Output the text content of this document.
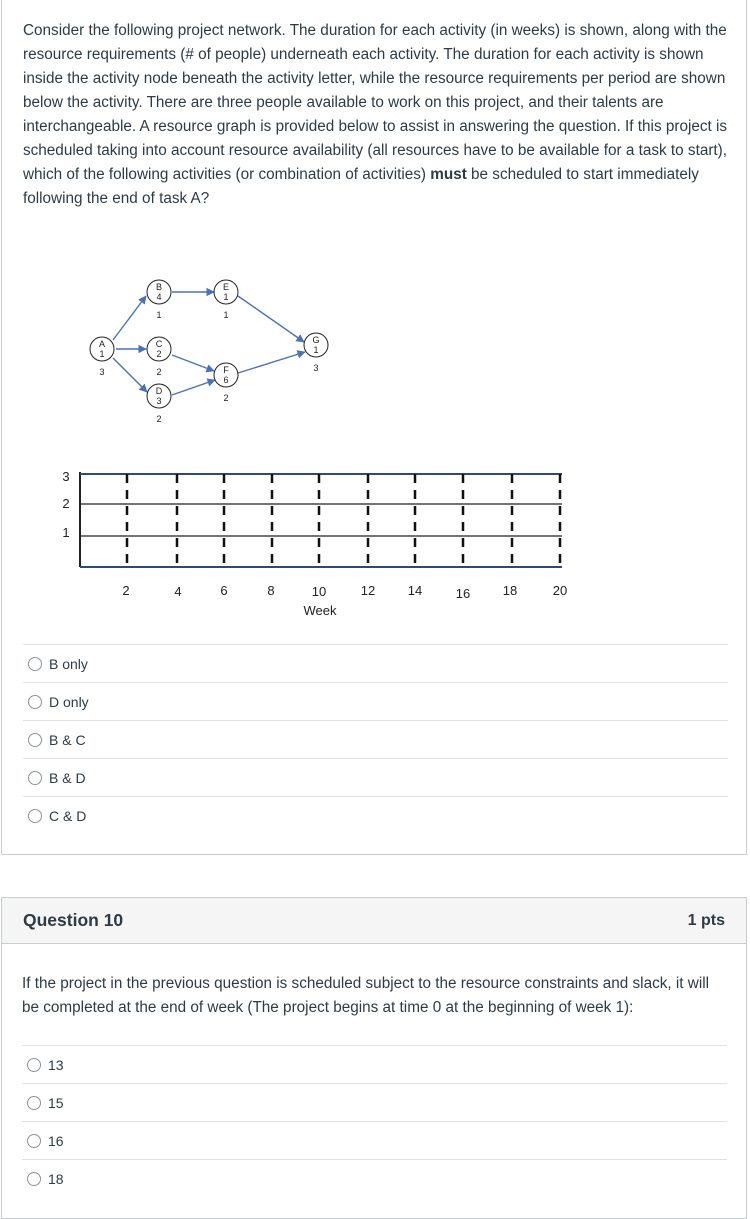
Consider the following project network. The duration for each activity (in weeks) is shown, along with the resource requirements (# of people) underneath each activity. The duration for each activity is shown inside the activity node beneath the activity letter, while the resource requirements per period are shown below the activity. There are three people available to work on this project, and their talents are interchangeable. A resource graph is provided below to assist in answering the question. If this project is scheduled taking into account resource availability (all resources have to be available for a task to start), which of the following activities (or combination of activities) must be scheduled to start immediately following the end of task A?

A
1
3
B
4
1
C
2
2
D
3
2
E
1
1
F
6
2
G
1
3
2	4	6	8	10	12	14	16	18	20
3
2
1
Week
B only
D only
B & C
B & D
C & D
Question 10	1 pts

If the project in the previous question is scheduled subject to the resource constraints and slack, it will be completed at the end of week (The project begins at time 0 at the beginning of week 1):

13
15
16
18
